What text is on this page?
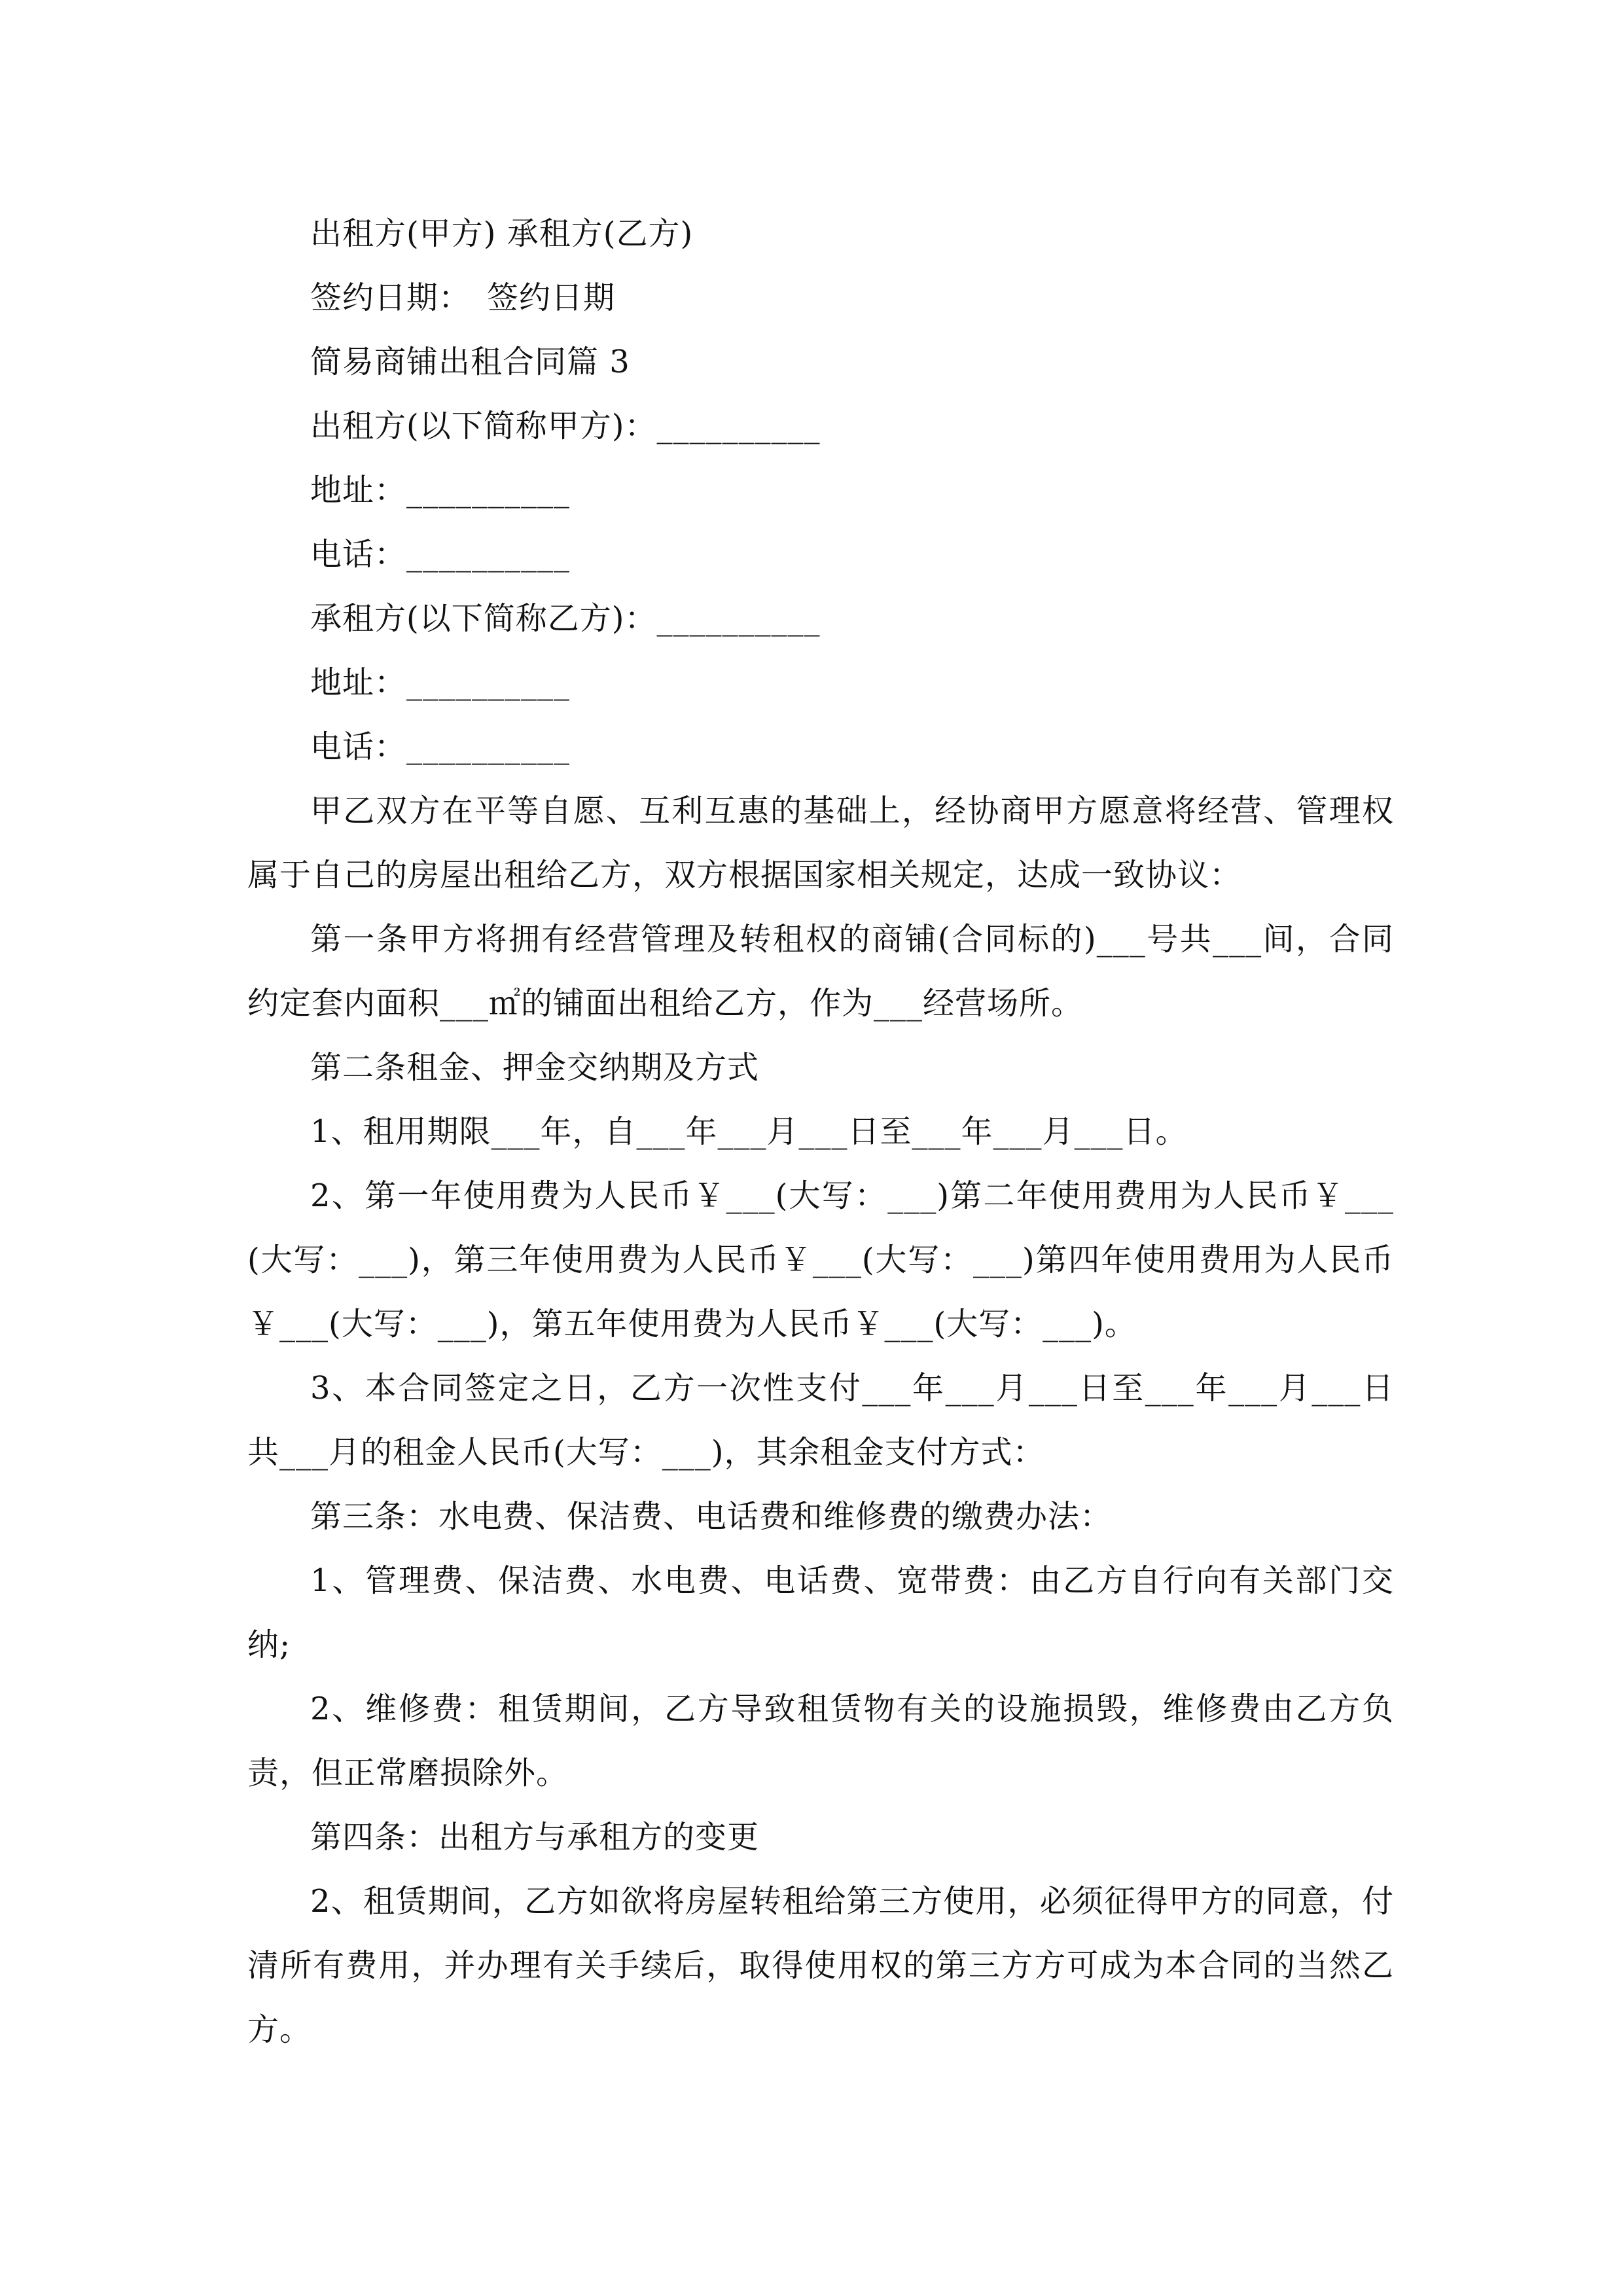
出租方(甲方) 承租方(乙方)
签约日期：　签约日期
简易商铺出租合同篇 3
出租方(以下简称甲方)：__________
地址：__________
电话：__________
承租方(以下简称乙方)：__________
地址：__________
电话：__________
甲乙双方在平等自愿、互利互惠的基础上，经协商甲方愿意将经营、管理权属于自己的房屋出租给乙方，双方根据国家相关规定，达成一致协议：
第一条甲方将拥有经营管理及转租权的商铺(合同标的)___号共___间，合同约定套内面积___㎡的铺面出租给乙方，作为___经营场所。
第二条租金、押金交纳期及方式
1、租用期限___年，自___年___月___日至___年___月___日。
2、第一年使用费为人民币￥___(大写：___)第二年使用费用为人民币￥___(大写：___)，第三年使用费为人民币￥___(大写：___)第四年使用费用为人民币￥___(大写：___)，第五年使用费为人民币￥___(大写：___)。
3、本合同签定之日，乙方一次性支付___年___月___日至___年___月___日共___月的租金人民币(大写：___)，其余租金支付方式：
第三条：水电费、保洁费、电话费和维修费的缴费办法：
1、管理费、保洁费、水电费、电话费、宽带费：由乙方自行向有关部门交纳;
2、维修费：租赁期间，乙方导致租赁物有关的设施损毁，维修费由乙方负责，但正常磨损除外。
第四条：出租方与承租方的变更
2、租赁期间，乙方如欲将房屋转租给第三方使用，必须征得甲方的同意，付清所有费用，并办理有关手续后，取得使用权的第三方方可成为本合同的当然乙方。
